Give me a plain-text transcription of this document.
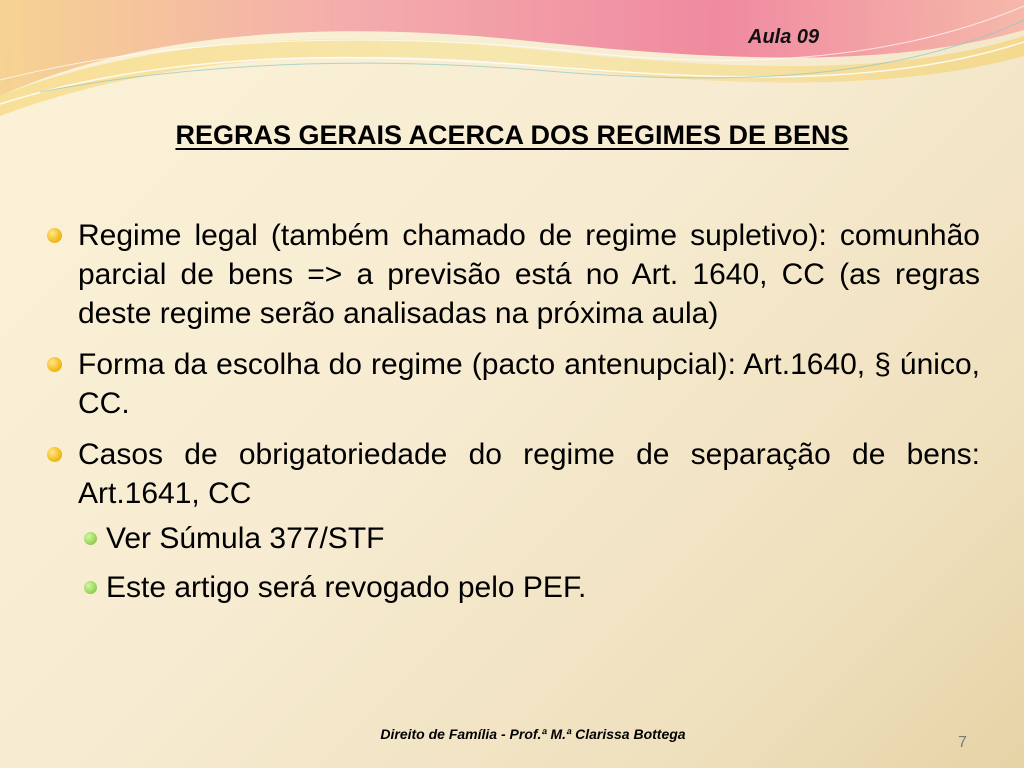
Aula 09
REGRAS GERAIS ACERCA DOS REGIMES DE BENS
Regime legal (também chamado de regime supletivo): comunhão parcial de bens => a previsão está no Art. 1640, CC (as regras deste regime serão analisadas na próxima aula)
Forma da escolha do regime (pacto antenupcial): Art.1640, § único, CC.
Casos de obrigatoriedade do regime de separação de bens: Art.1641, CC
Ver Súmula 377/STF
Este artigo será revogado pelo PEF.
Direito de Família - Prof.ª M.ª Clarissa Bottega	7
